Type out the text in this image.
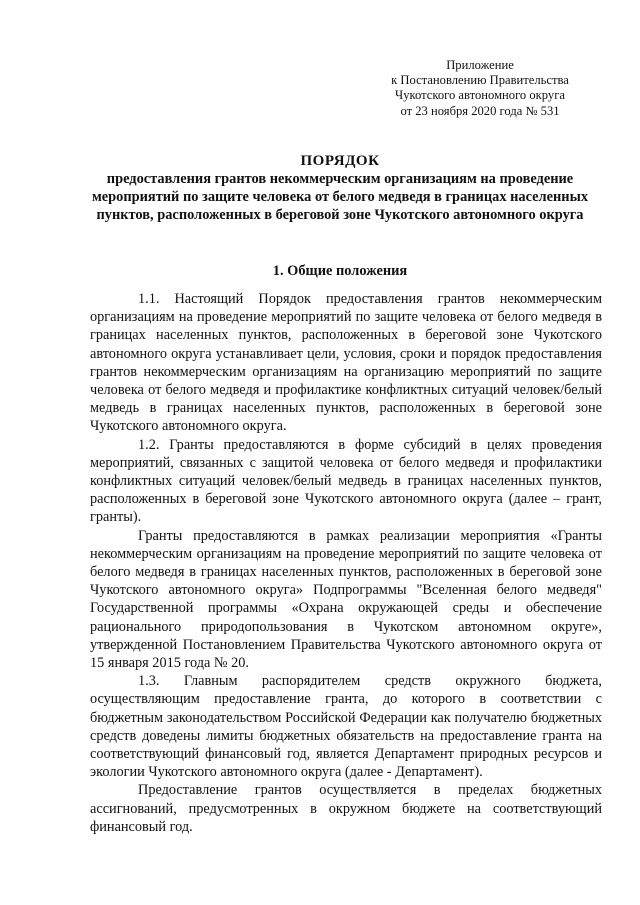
Приложение
к Постановлению Правительства
Чукотского автономного округа
от 23 ноября 2020 года № 531
ПОРЯДОК
предоставления грантов некоммерческим организациям на проведение мероприятий по защите человека от белого медведя в границах населенных пунктов, расположенных в береговой зоне Чукотского автономного округа
1. Общие положения

1.1. Настоящий Порядок предоставления грантов некоммерческим организациям на проведение мероприятий по защите человека от белого медведя в границах населенных пунктов, расположенных в береговой зоне Чукотского автономного округа устанавливает цели, условия, сроки и порядок предоставления грантов некоммерческим организациям на организацию мероприятий по защите человека от белого медведя и профилактике конфликтных ситуаций человек/белый медведь в границах населенных пунктов, расположенных в береговой зоне Чукотского автономного округа.

1.2. Гранты предоставляются в форме субсидий в целях проведения мероприятий, связанных с защитой человека от белого медведя и профилактики конфликтных ситуаций человек/белый медведь в границах населенных пунктов, расположенных в береговой зоне Чукотского автономного округа (далее – грант, гранты).

Гранты предоставляются в рамках реализации мероприятия «Гранты некоммерческим организациям на проведение мероприятий по защите человека от белого медведя в границах населенных пунктов, расположенных в береговой зоне Чукотского автономного округа» Подпрограммы "Вселенная белого медведя" Государственной программы «Охрана окружающей среды и обеспечение рационального природопользования в Чукотском автономном округе», утвержденной Постановлением Правительства Чукотского автономного округа от 15 января 2015 года № 20.

1.3. Главным распорядителем средств окружного бюджета, осуществляющим предоставление гранта, до которого в соответствии с бюджетным законодательством Российской Федерации как получателю бюджетных средств доведены лимиты бюджетных обязательств на предоставление гранта на соответствующий финансовый год, является Департамент природных ресурсов и экологии Чукотского автономного округа (далее - Департамент).

Предоставление грантов осуществляется в пределах бюджетных ассигнований, предусмотренных в окружном бюджете на соответствующий финансовый год.
